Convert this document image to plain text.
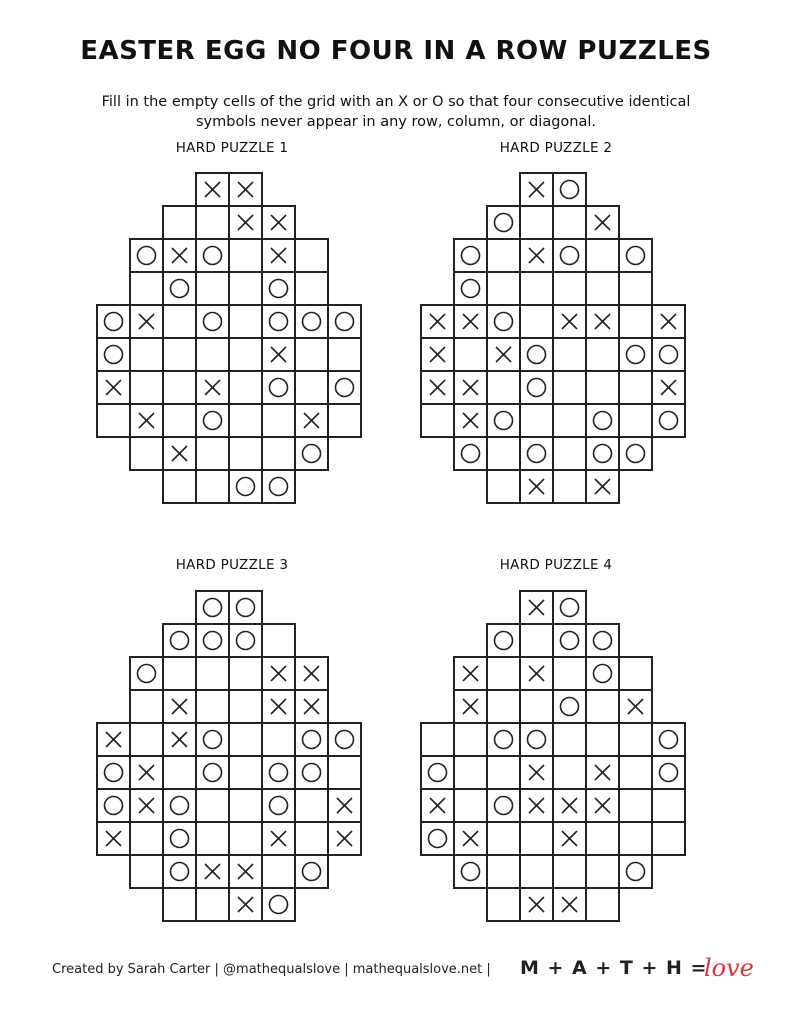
EASTER EGG NO FOUR IN A ROW PUZZLES

Fill in the empty cells of the grid with an X or O so that four consecutive identical symbols never appear in any row, column, or diagonal.

HARD PUZZLE 1	HARD PUZZLE 2
HARD PUZZLE 3	HARD PUZZLE 4
Created by Sarah Carter | @mathequalslove | mathequalslove.net | M + A + T + H =
love
